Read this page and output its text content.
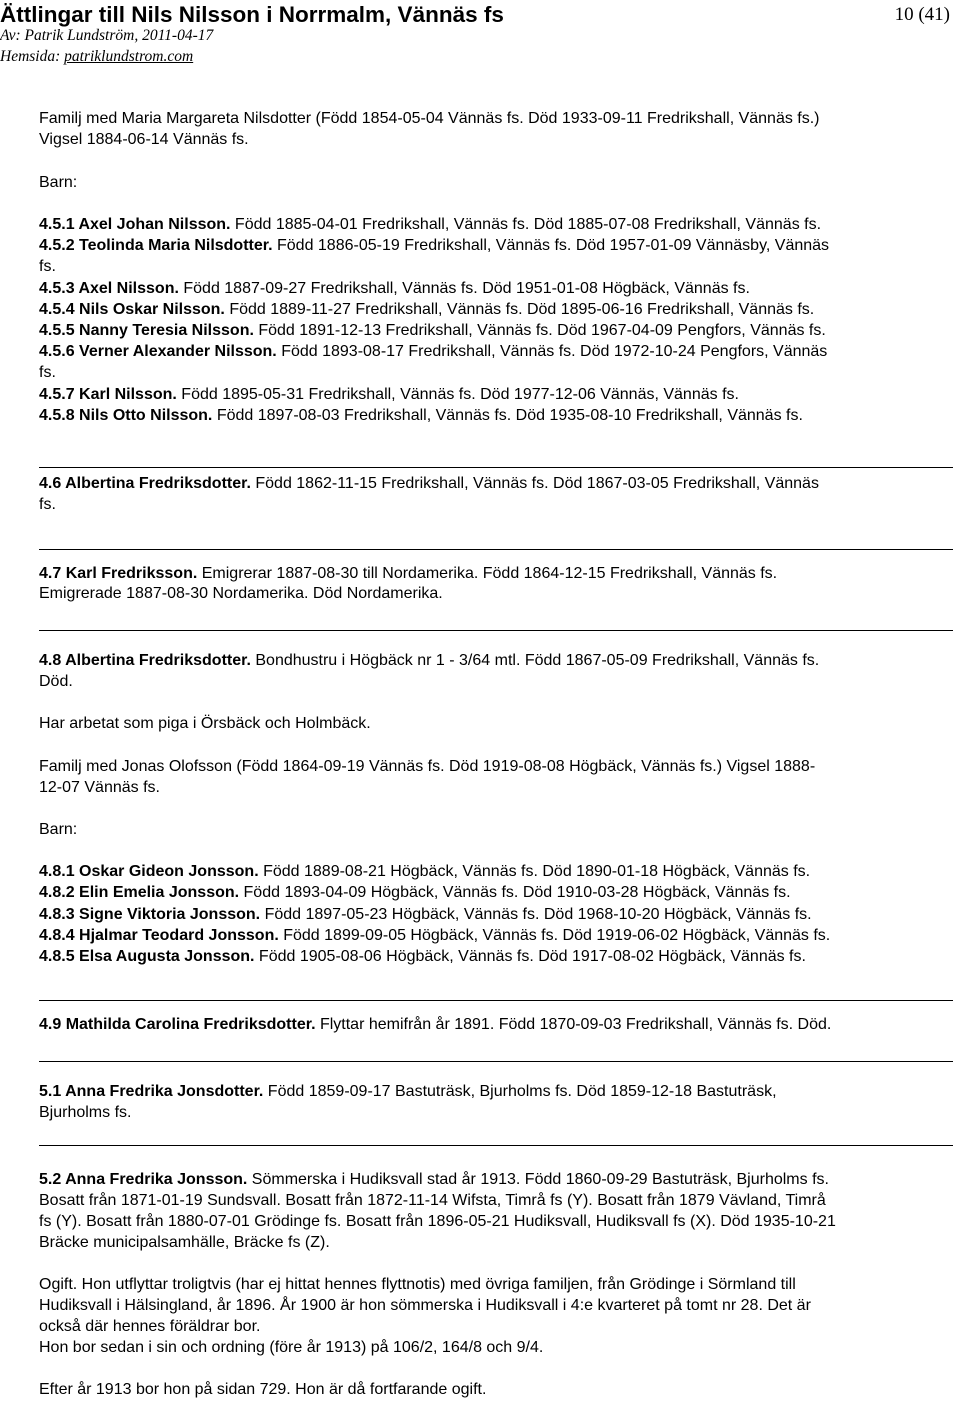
Ättlingar till Nils Nilsson i Norrmalm, Vännäs fs	10 (41)
Av: Patrik Lundström, 2011-04-17
Hemsida: patriklundstrom.com
Familj med Maria Margareta Nilsdotter (Född 1854-05-04 Vännäs fs. Död 1933-09-11 Fredrikshall, Vännäs fs.)
Vigsel 1884-06-14 Vännäs fs.
Barn:
4.5.1 Axel Johan Nilsson. Född 1885-04-01 Fredrikshall, Vännäs fs. Död 1885-07-08 Fredrikshall, Vännäs fs.
4.5.2 Teolinda Maria Nilsdotter. Född 1886-05-19 Fredrikshall, Vännäs fs. Död 1957-01-09 Vännäsby, Vännäs
fs.
4.5.3 Axel Nilsson. Född 1887-09-27 Fredrikshall, Vännäs fs. Död 1951-01-08 Högbäck, Vännäs fs.
4.5.4 Nils Oskar Nilsson. Född 1889-11-27 Fredrikshall, Vännäs fs. Död 1895-06-16 Fredrikshall, Vännäs fs.
4.5.5 Nanny Teresia Nilsson. Född 1891-12-13 Fredrikshall, Vännäs fs. Död 1967-04-09 Pengfors, Vännäs fs.
4.5.6 Verner Alexander Nilsson. Född 1893-08-17 Fredrikshall, Vännäs fs. Död 1972-10-24 Pengfors, Vännäs
fs.
4.5.7 Karl Nilsson. Född 1895-05-31 Fredrikshall, Vännäs fs. Död 1977-12-06 Vännäs, Vännäs fs.
4.5.8 Nils Otto Nilsson. Född 1897-08-03 Fredrikshall, Vännäs fs. Död 1935-08-10 Fredrikshall, Vännäs fs.
4.6 Albertina Fredriksdotter. Född 1862-11-15 Fredrikshall, Vännäs fs. Död 1867-03-05 Fredrikshall, Vännäs
fs.
4.7 Karl Fredriksson. Emigrerar 1887-08-30 till Nordamerika. Född 1864-12-15 Fredrikshall, Vännäs fs.
Emigrerade 1887-08-30 Nordamerika. Död Nordamerika.
4.8 Albertina Fredriksdotter. Bondhustru i Högbäck nr 1 - 3/64 mtl. Född 1867-05-09 Fredrikshall, Vännäs fs.
Död.
Har arbetat som piga i Örsbäck och Holmbäck.
Familj med Jonas Olofsson (Född 1864-09-19 Vännäs fs. Död 1919-08-08 Högbäck, Vännäs fs.) Vigsel 1888-
12-07 Vännäs fs.
Barn:
4.8.1 Oskar Gideon Jonsson. Född 1889-08-21 Högbäck, Vännäs fs. Död 1890-01-18 Högbäck, Vännäs fs.
4.8.2 Elin Emelia Jonsson. Född 1893-04-09 Högbäck, Vännäs fs. Död 1910-03-28 Högbäck, Vännäs fs.
4.8.3 Signe Viktoria Jonsson. Född 1897-05-23 Högbäck, Vännäs fs. Död 1968-10-20 Högbäck, Vännäs fs.
4.8.4 Hjalmar Teodard Jonsson. Född 1899-09-05 Högbäck, Vännäs fs. Död 1919-06-02 Högbäck, Vännäs fs.
4.8.5 Elsa Augusta Jonsson. Född 1905-08-06 Högbäck, Vännäs fs. Död 1917-08-02 Högbäck, Vännäs fs.
4.9 Mathilda Carolina Fredriksdotter. Flyttar hemifrån år 1891. Född 1870-09-03 Fredrikshall, Vännäs fs. Död.
5.1 Anna Fredrika Jonsdotter. Född 1859-09-17 Bastuträsk, Bjurholms fs. Död 1859-12-18 Bastuträsk,
Bjurholms fs.
5.2 Anna Fredrika Jonsson. Sömmerska i Hudiksvall stad år 1913. Född 1860-09-29 Bastuträsk, Bjurholms fs.
Bosatt från 1871-01-19 Sundsvall. Bosatt från 1872-11-14 Wifsta, Timrå fs (Y). Bosatt från 1879 Vävland, Timrå
fs (Y). Bosatt från 1880-07-01 Grödinge fs. Bosatt från 1896-05-21 Hudiksvall, Hudiksvall fs (X). Död 1935-10-21
Bräcke municipalsamhälle, Bräcke fs (Z).
Ogift. Hon utflyttar troligtvis (har ej hittat hennes flyttnotis) med övriga familjen, från Grödinge i Sörmland till
Hudiksvall i Hälsingland, år 1896. År 1900 är hon sömmerska i Hudiksvall i 4:e kvarteret på tomt nr 28. Det är
också där hennes föräldrar bor.
Hon bor sedan i sin och ordning (före år 1913) på 106/2, 164/8 och 9/4.
Efter år 1913 bor hon på sidan 729. Hon är då fortfarande ogift.
